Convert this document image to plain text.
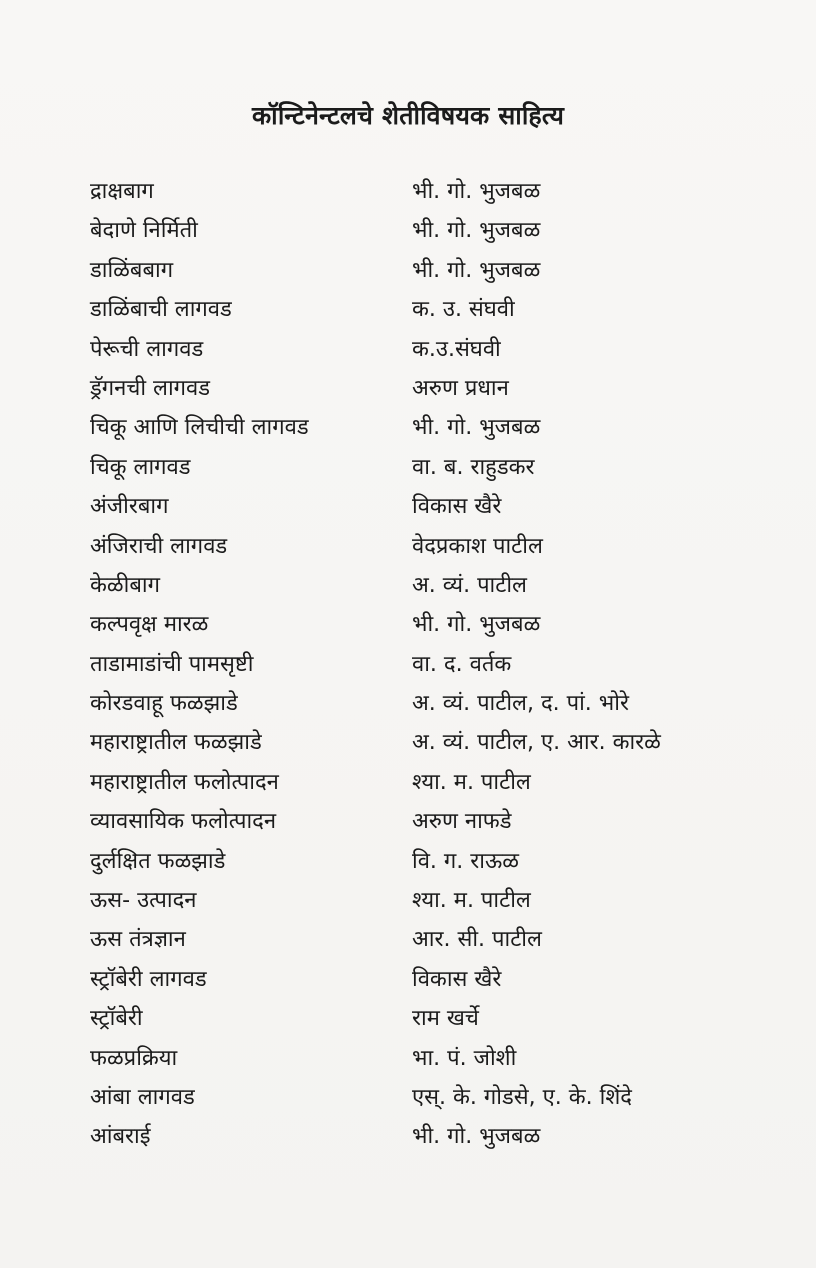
कॉन्टिनेन्टलचे शेतीविषयक साहित्य
द्राक्षबाग	भी. गो. भुजबळ
बेदाणे निर्मिती	भी. गो. भुजबळ
डाळिंबबाग	भी. गो. भुजबळ
डाळिंबाची लागवड	क. उ. संघवी
पेरूची लागवड	क.उ.संघवी
ड्रॅगनची लागवड	अरुण प्रधान
चिकू आणि लिचीची लागवड	भी. गो. भुजबळ
चिकू लागवड	वा. ब. राहुडकर
अंजीरबाग	विकास खैरे
अंजिराची लागवड	वेदप्रकाश पाटील
केळीबाग	अ. व्यं. पाटील
कल्पवृक्ष मारळ	भी. गो. भुजबळ
ताडामाडांची पामसृष्टी	वा. द. वर्तक
कोरडवाहू फळझाडे	अ. व्यं. पाटील, द. पां. भोरे
महाराष्ट्रातील फळझाडे	अ. व्यं. पाटील, ए. आर. कारळे
महाराष्ट्रातील फलोत्पादन	श्या. म. पाटील
व्यावसायिक फलोत्पादन	अरुण नाफडे
दुर्लक्षित फळझाडे	वि. ग. राऊळ
ऊस- उत्पादन	श्या. म. पाटील
ऊस तंत्रज्ञान	आर. सी. पाटील
स्ट्रॉबेरी लागवड	विकास खैरे
स्ट्रॉबेरी	राम खर्चे
फळप्रक्रिया	भा. पं. जोशी
आंबा लागवड	एस्. के. गोडसे, ए. के. शिंदे
आंबराई	भी. गो. भुजबळ
